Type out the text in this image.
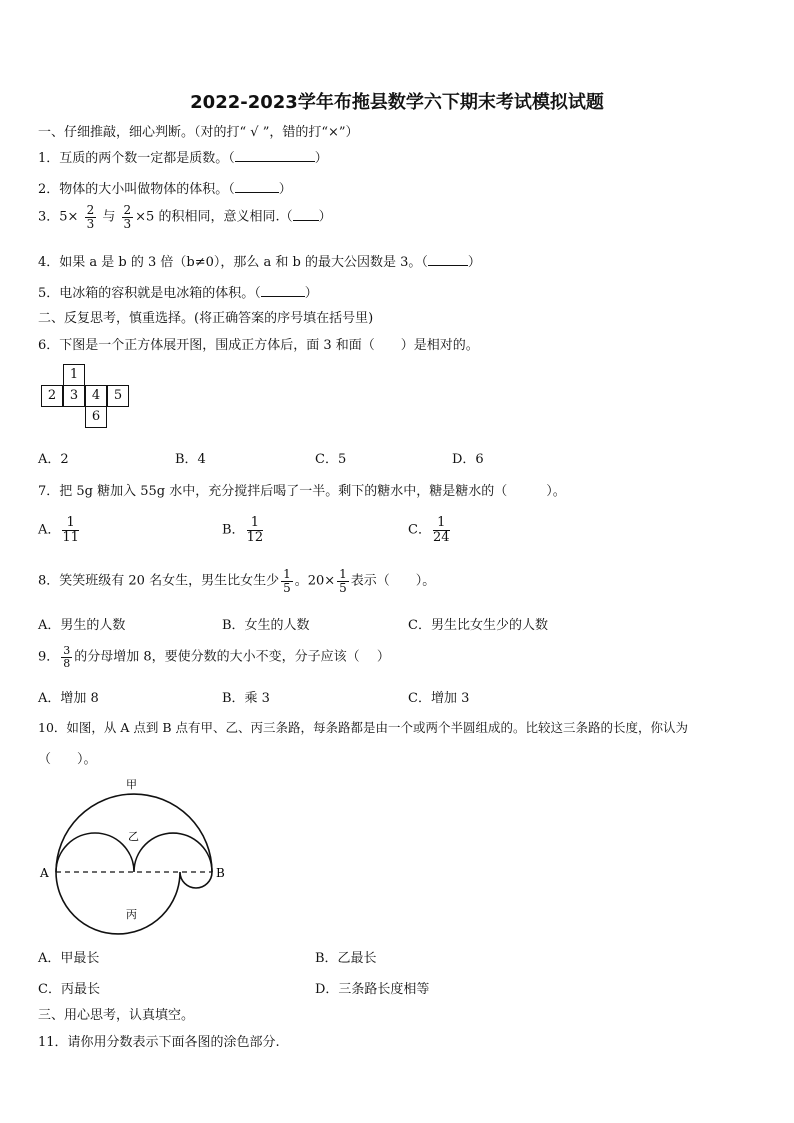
2022-2023学年布拖县数学六下期末考试模拟试题
一、仔细推敲，细心判断。（对的打“ √ ”，错的打“×”）
1．互质的两个数一定都是质数。（	）
2．物体的大小叫做物体的体积。（	）
3．$5\times \frac{2}{3}$ 与 $\frac{2}{3} \times 5$ 的积相同，意义相同.（ ）
4．如果 a 是 b 的 3 倍（b≠0），那么 a 和 b 的最大公因数是 3。（	）
5．电冰箱的容积就是电冰箱的体积。（	）
二、反复思考，慎重选择。(将正确答案的序号填在括号里)
6．下图是一个正方体展开图，围成正方体后，面 3 和面（　　）是相对的。
1
2	3	4	5
6
A．2	B．4	C．5	D．6
7．把 5g 糖加入 55g 水中，充分搅拌后喝了一半。剩下的糖水中，糖是糖水的（　　　）。
A． $\frac{1}{11}$	B． $\frac{1}{12}$	C． $\frac{1}{24}$
8．笑笑班级有 20 名女生，男生比女生少 $\frac{1}{5}$ 。$20\times \frac{1}{5}$ 表示（　　）。
A．男生的人数	B．女生的人数	C．男生比女生少的人数
9． $\frac{3}{8}$ 的分母增加 8，要使分数的大小不变，分子应该（　 ）
A．增加 8	B．乘 3	C．增加 3
10．如图，从 A 点到 B 点有甲、乙、丙三条路，每条路都是由一个或两个半圆组成的。比较这三条路的长度，你认为
（　　）。
甲
乙
丙
A	B
A．甲最长	B．乙最长
C．丙最长	D．三条路长度相等
三、用心思考，认真填空。
11．请你用分数表示下面各图的涂色部分.
